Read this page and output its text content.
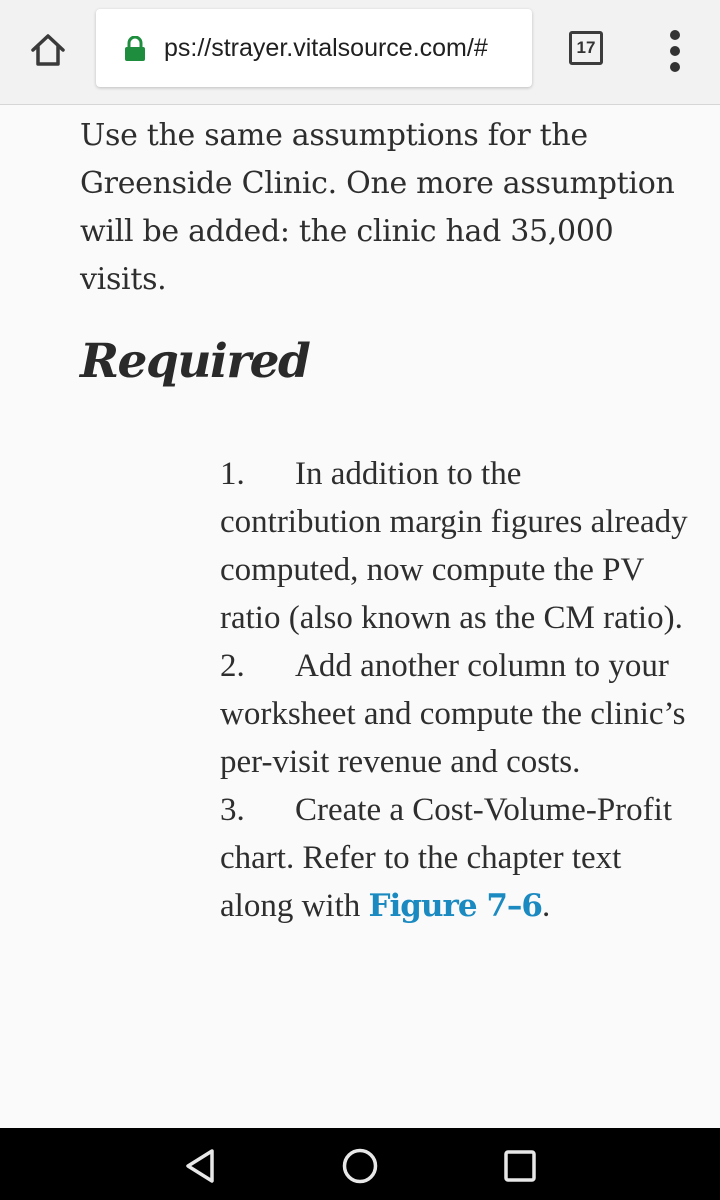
ps://strayer.vitalsource.com/#	17

Use the same assumptions for the Greenside Clinic. One more assumption will be added: the clinic had 35,000 visits.

Required

1. In addition to the contribution margin figures already computed, now compute the PV ratio (also known as the CM ratio).

2. Add another column to your worksheet and compute the clinic’s per-visit revenue and costs.

3. Create a Cost-Volume-Profit chart. Refer to the chapter text along with Figure 7–6.
